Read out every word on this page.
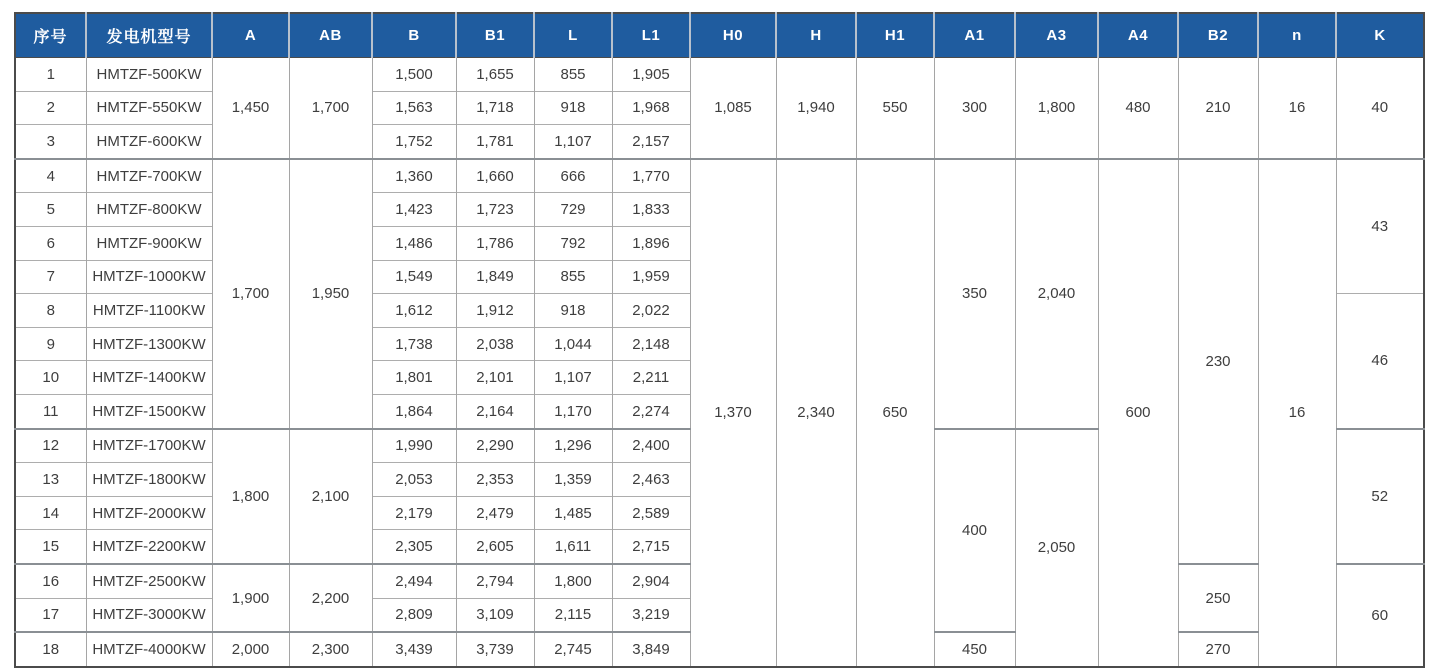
序号	发电机型号	A	AB	B	B1	L	L1	H0	H	H1	A1	A3	A4	B2	n	K
1	HMTZF-500KW	1,450	1,700	1,500	1,655	855	1,905	1,085	1,940	550	300	1,800	480	210	16	40
2	HMTZF-550KW			1,563	1,718	918	1,968									
3	HMTZF-600KW			1,752	1,781	1,107	2,157									
4	HMTZF-700KW	1,700	1,950	1,360	1,660	666	1,770	1,370	2,340	650	350	2,040	600	230	16	43
5	HMTZF-800KW			1,423	1,723	729	1,833									
6	HMTZF-900KW			1,486	1,786	792	1,896									
7	HMTZF-1000KW			1,549	1,849	855	1,959									
8	HMTZF-1100KW			1,612	1,912	918	2,022									46
9	HMTZF-1300KW			1,738	2,038	1,044	2,148									
10	HMTZF-1400KW			1,801	2,101	1,107	2,211									
11	HMTZF-1500KW			1,864	2,164	1,170	2,274									
12	HMTZF-1700KW	1,800	2,100	1,990	2,290	1,296	2,400				400	2,050				52
13	HMTZF-1800KW			2,053	2,353	1,359	2,463									
14	HMTZF-2000KW			2,179	2,479	1,485	2,589									
15	HMTZF-2200KW			2,305	2,605	1,611	2,715									
16	HMTZF-2500KW	1,900	2,200	2,494	2,794	1,800	2,904							250		60
17	HMTZF-3000KW			2,809	3,109	2,115	3,219									
18	HMTZF-4000KW	2,000	2,300	3,439	3,739	2,745	3,849				450			270		
